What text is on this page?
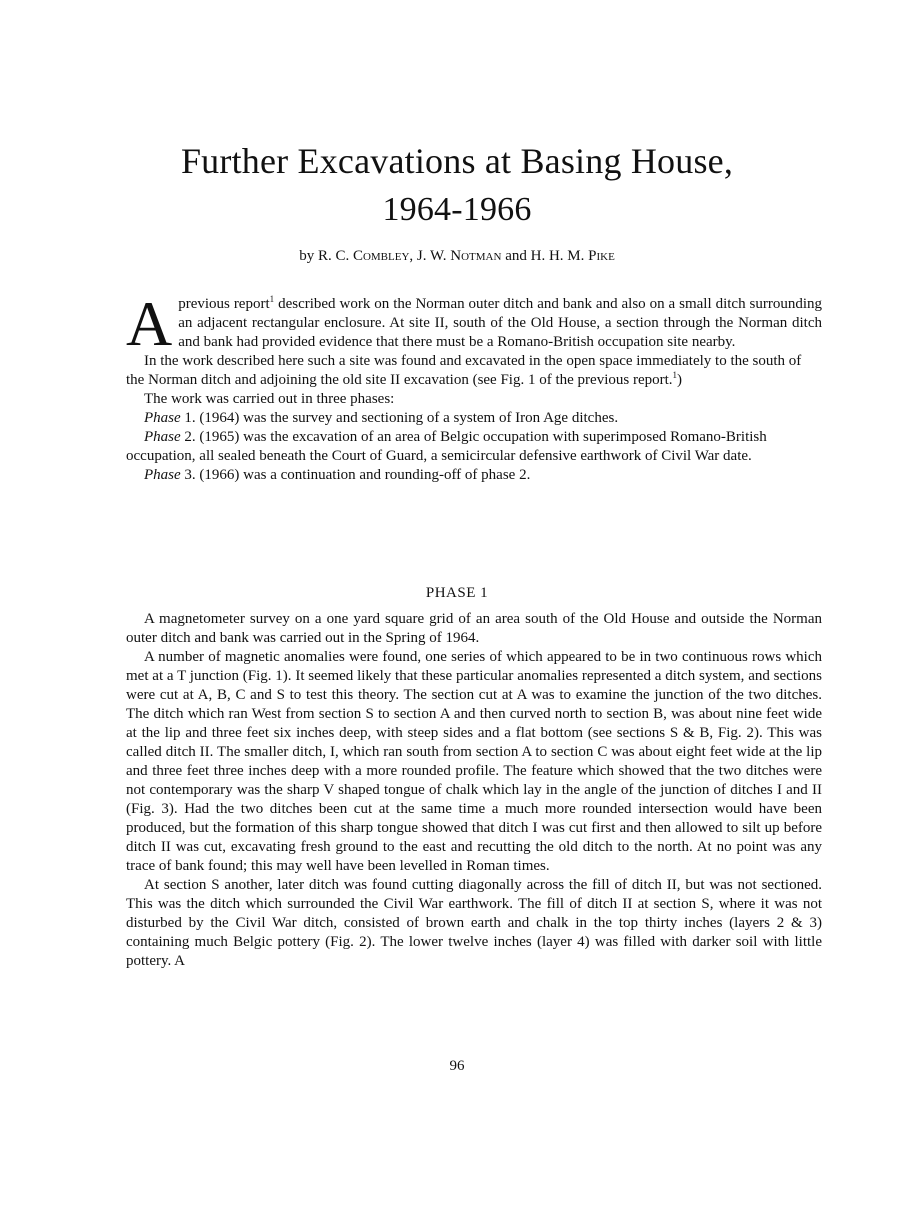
Further Excavations at Basing House,
1964-1966
by R. C. Combley, J. W. Notman and H. H. M. Pike
Aprevious report$^1$ described work on the Norman outer ditch and bank and also on a small ditch surrounding an adjacent rectangular enclosure. At site II, south of the Old House, a section through the Norman ditch and bank had provided evidence that there must be a Romano-British occupation site nearby.

In the work described here such a site was found and excavated in the open space immediately to the south of the Norman ditch and adjoining the old site II excavation (see Fig. 1 of the previous report.$^1$)

The work was carried out in three phases:

Phase 1. (1964) was the survey and sectioning of a system of Iron Age ditches.

Phase 2. (1965) was the excavation of an area of Belgic occupation with superimposed Romano-British occupation, all sealed beneath the Court of Guard, a semicircular defensive earthwork of Civil War date.

Phase 3. (1966) was a continuation and rounding-off of phase 2.

PHASE 1

A magnetometer survey on a one yard square grid of an area south of the Old House and outside the Norman outer ditch and bank was carried out in the Spring of 1964.

A number of magnetic anomalies were found, one series of which appeared to be in two continuous rows which met at a T junction (Fig. 1). It seemed likely that these particular anomalies represented a ditch system, and sections were cut at A, B, C and S to test this theory. The section cut at A was to examine the junction of the two ditches. The ditch which ran West from section S to section A and then curved north to section B, was about nine feet wide at the lip and three feet six inches deep, with steep sides and a flat bottom (see sections S & B, Fig. 2). This was called ditch II. The smaller ditch, I, which ran south from section A to section C was about eight feet wide at the lip and three feet three inches deep with a more rounded profile. The feature which showed that the two ditches were not contemporary was the sharp V shaped tongue of chalk which lay in the angle of the junction of ditches I and II (Fig. 3). Had the two ditches been cut at the same time a much more rounded intersection would have been produced, but the formation of this sharp tongue showed that ditch I was cut first and then allowed to silt up before ditch II was cut, excavating fresh ground to the east and recutting the old ditch to the north. At no point was any trace of bank found; this may well have been levelled in Roman times.

At section S another, later ditch was found cutting diagonally across the fill of ditch II, but was not sectioned. This was the ditch which surrounded the Civil War earthwork. The fill of ditch II at section S, where it was not disturbed by the Civil War ditch, consisted of brown earth and chalk in the top thirty inches (layers 2 & 3) containing much Belgic pottery (Fig. 2). The lower twelve inches (layer 4) was filled with darker soil with little pottery. A

96
